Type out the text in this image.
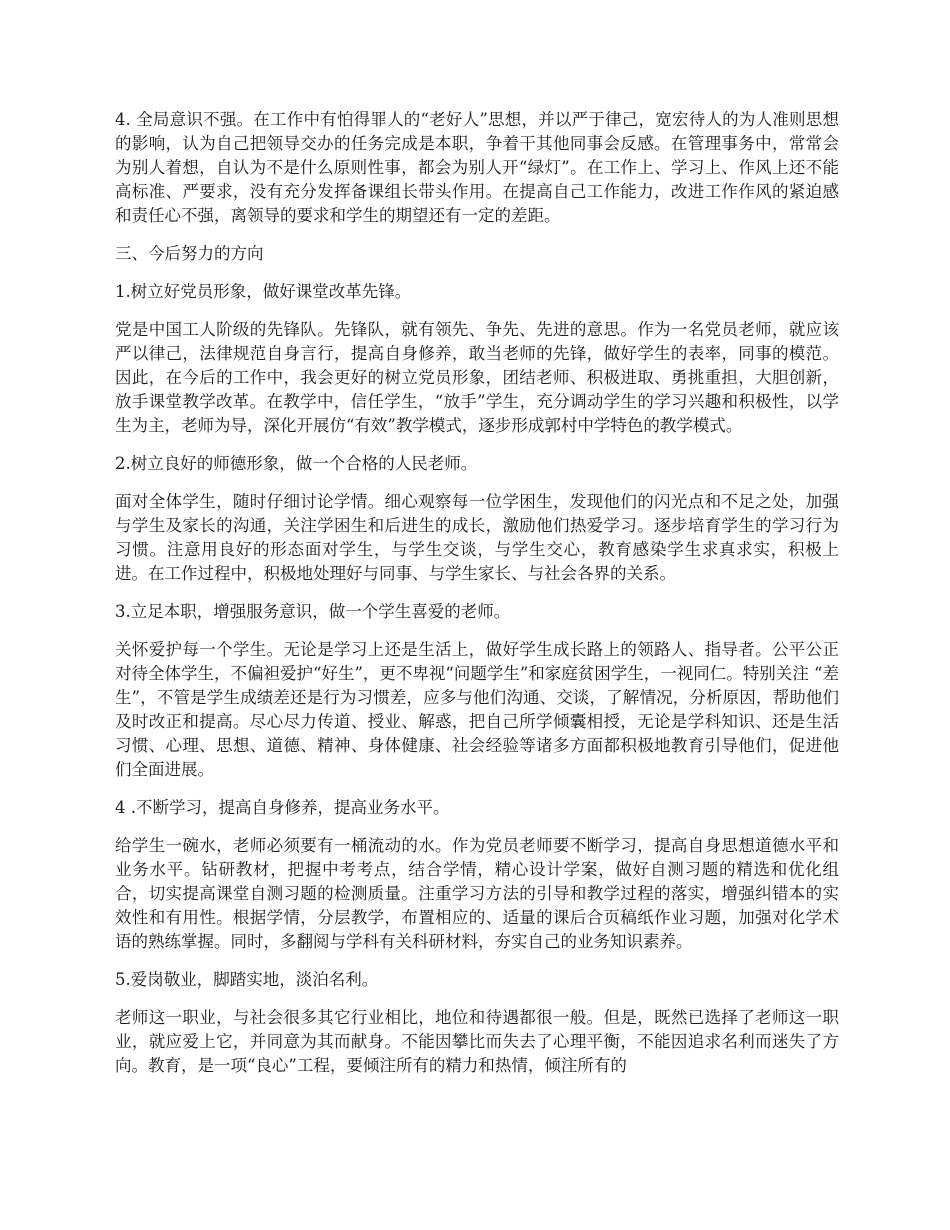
4. 全局意识不强。在工作中有怕得罪人的“老好人”思想，并以严于律己，宽宏待人的为人准则思想的影响，认为自己把领导交办的任务完成是本职，争着干其他同事会反感。在管理事务中，常常会为别人着想，自认为不是什么原则性事，都会为别人开“绿灯”。在工作上、学习上、作风上还不能高标准、严要求，没有充分发挥备课组长带头作用。在提高自己工作能力，改进工作作风的紧迫感和责任心不强，离领导的要求和学生的期望还有一定的差距。

三、今后努力的方向

1.树立好党员形象，做好课堂改革先锋。

党是中国工人阶级的先锋队。先锋队，就有领先、争先、先进的意思。作为一名党员老师，就应该严以律己，法律规范自身言行，提高自身修养，敢当老师的先锋，做好学生的表率，同事的模范。因此，在今后的工作中，我会更好的树立党员形象，团结老师、积极进取、勇挑重担，大胆创新，放手课堂教学改革。在教学中，信任学生，“放手”学生，充分调动学生的学习兴趣和积极性，以学生为主，老师为导，深化开展仿“有效”教学模式，逐步形成郭村中学特色的教学模式。

2.树立良好的师德形象，做一个合格的人民老师。

面对全体学生，随时仔细讨论学情。细心观察每一位学困生，发现他们的闪光点和不足之处，加强与学生及家长的沟通，关注学困生和后进生的成长，激励他们热爱学习。逐步培育学生的学习行为习惯。注意用良好的形态面对学生，与学生交谈，与学生交心，教育感染学生求真求实，积极上进。在工作过程中，积极地处理好与同事、与学生家长、与社会各界的关系。

3.立足本职，增强服务意识，做一个学生喜爱的老师。

关怀爱护每一个学生。无论是学习上还是生活上，做好学生成长路上的领路人、指导者。公平公正对待全体学生，不偏袒爱护“好生”，更不卑视“问题学生”和家庭贫困学生，一视同仁。特别关注 “差生”，不管是学生成绩差还是行为习惯差，应多与他们沟通、交谈，了解情况，分析原因，帮助他们及时改正和提高。尽心尽力传道、授业、解惑，把自己所学倾囊相授，无论是学科知识、还是生活习惯、心理、思想、道德、精神、身体健康、社会经验等诸多方面都积极地教育引导他们，促进他们全面进展。

4 .不断学习，提高自身修养，提高业务水平。

给学生一碗水，老师必须要有一桶流动的水。作为党员老师要不断学习，提高自身思想道德水平和业务水平。钻研教材，把握中考考点，结合学情，精心设计学案，做好自测习题的精选和优化组合，切实提高课堂自测习题的检测质量。注重学习方法的引导和教学过程的落实，增强纠错本的实效性和有用性。根据学情，分层教学，布置相应的、适量的课后合页稿纸作业习题，加强对化学术语的熟练掌握。同时，多翻阅与学科有关科研材料，夯实自己的业务知识素养。

5.爱岗敬业，脚踏实地，淡泊名利。

老师这一职业，与社会很多其它行业相比，地位和待遇都很一般。但是，既然已选择了老师这一职业，就应爱上它，并同意为其而献身。不能因攀比而失去了心理平衡，不能因追求名利而迷失了方向。教育，是一项“良心”工程，要倾注所有的精力和热情，倾注所有的
